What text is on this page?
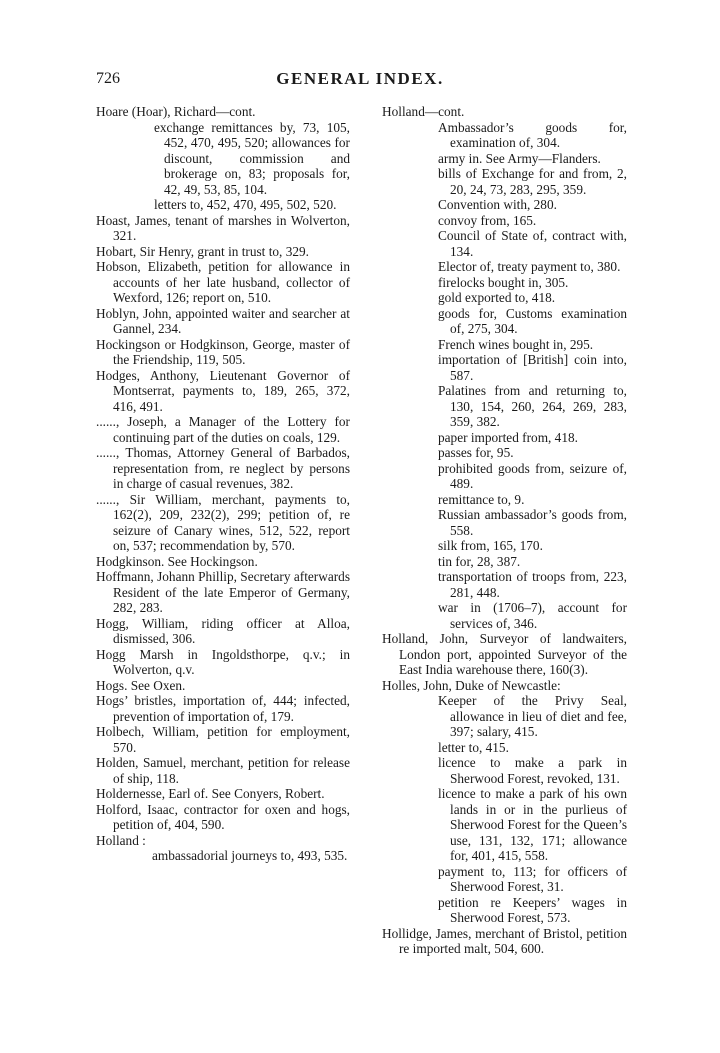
726	GENERAL INDEX.

Hoare (Hoar), Richard—cont.

exchange remittances by, 73, 105, 452, 470, 495, 520; allowances for discount, commission and brokerage on, 83; proposals for, 42, 49, 53, 85, 104.

letters to, 452, 470, 495, 502, 520.

Hoast, James, tenant of marshes in Wolverton, 321.

Hobart, Sir Henry, grant in trust to, 329.

Hobson, Elizabeth, petition for allowance in accounts of her late husband, collector of Wexford, 126; report on, 510.

Hoblyn, John, appointed waiter and searcher at Gannel, 234.

Hockingson or Hodgkinson, George, master of the Friendship, 119, 505.

Hodges, Anthony, Lieutenant Governor of Montserrat, payments to, 189, 265, 372, 416, 491.

......, Joseph, a Manager of the Lottery for continuing part of the duties on coals, 129.

......, Thomas, Attorney General of Barbados, representation from, re neglect by persons in charge of casual revenues, 382.

......, Sir William, merchant, payments to, 162(2), 209, 232(2), 299; petition of, re seizure of Canary wines, 512, 522, report on, 537; recommendation by, 570.

Hodgkinson. See Hockingson.

Hoffmann, Johann Phillip, Secretary afterwards Resident of the late Emperor of Germany, 282, 283.

Hogg, William, riding officer at Alloa, dismissed, 306.

Hogg Marsh in Ingoldsthorpe, q.v.; in Wolverton, q.v.

Hogs. See Oxen.

Hogs’ bristles, importation of, 444; infected, prevention of importation of, 179.

Holbech, William, petition for employment, 570.

Holden, Samuel, merchant, petition for release of ship, 118.

Holdernesse, Earl of. See Conyers, Robert.

Holford, Isaac, contractor for oxen and hogs, petition of, 404, 590.

Holland :

ambassadorial journeys to, 493, 535.

Holland—cont.

Ambassador’s goods for, examination of, 304.

army in. See Army—Flanders.

bills of Exchange for and from, 2, 20, 24, 73, 283, 295, 359.

Convention with, 280.

convoy from, 165.

Council of State of, contract with, 134.

Elector of, treaty payment to, 380.

firelocks bought in, 305.

gold exported to, 418.

goods for, Customs examination of, 275, 304.

French wines bought in, 295.

importation of [British] coin into, 587.

Palatines from and returning to, 130, 154, 260, 264, 269, 283, 359, 382.

paper imported from, 418.

passes for, 95.

prohibited goods from, seizure of, 489.

remittance to, 9.

Russian ambassador’s goods from, 558.

silk from, 165, 170.

tin for, 28, 387.

transportation of troops from, 223, 281, 448.

war in (1706–7), account for services of, 346.

Holland, John, Surveyor of landwaiters, London port, appointed Surveyor of the East India warehouse there, 160(3).

Holles, John, Duke of Newcastle:

Keeper of the Privy Seal, allowance in lieu of diet and fee, 397; salary, 415.

letter to, 415.

licence to make a park in Sherwood Forest, revoked, 131.

licence to make a park of his own lands in or in the purlieus of Sherwood Forest for the Queen’s use, 131, 132, 171; allowance for, 401, 415, 558.

payment to, 113; for officers of Sherwood Forest, 31.

petition re Keepers’ wages in Sherwood Forest, 573.

Hollidge, James, merchant of Bristol, petition re imported malt, 504, 600.
